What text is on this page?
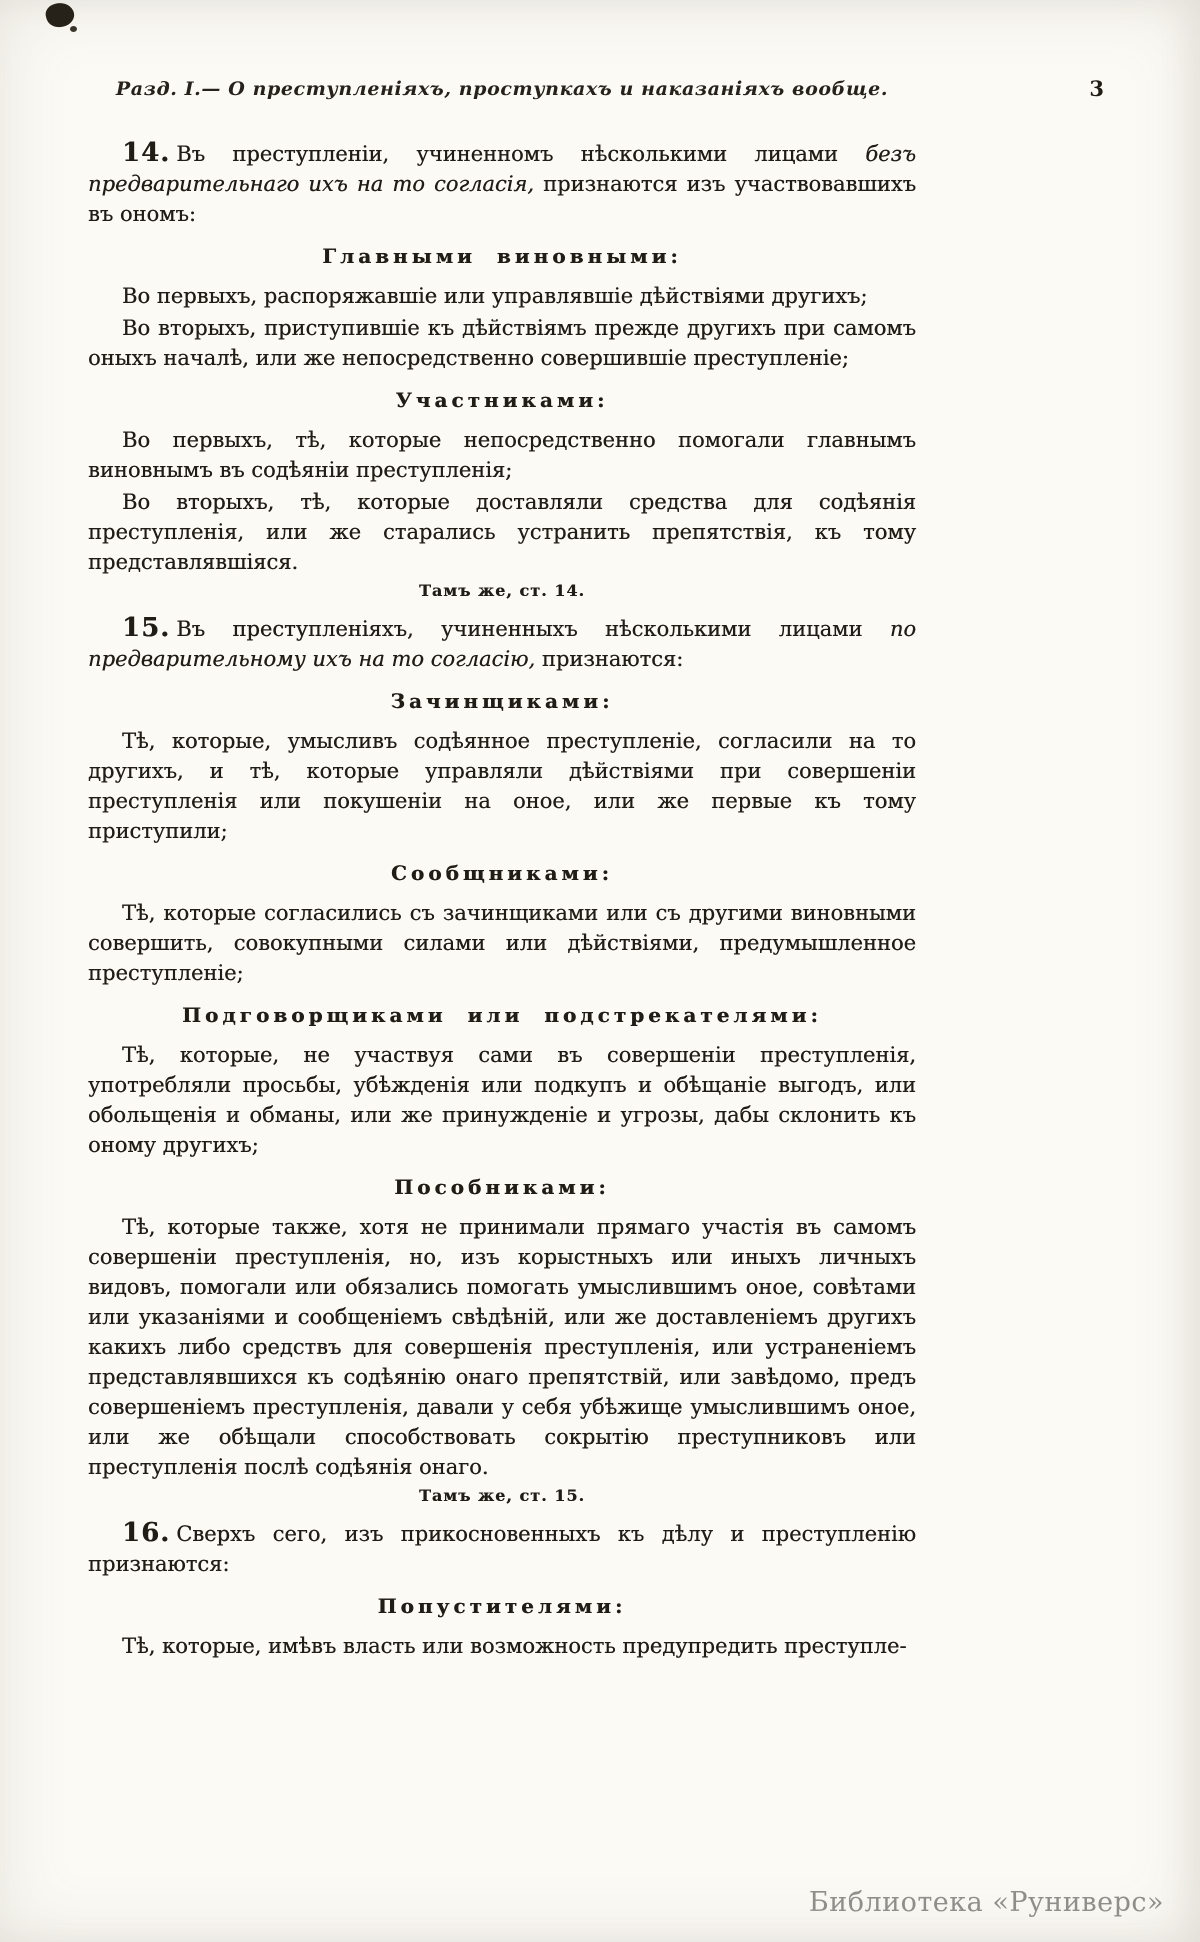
Разд. I.— О преступленіяхъ, проступкахъ и наказаніяхъ вообще.	3

14. Въ преступленіи, учиненномъ нѣсколькими лицами безъ предварительнаго ихъ на то согласія, признаются изъ участвовавшихъ въ ономъ:

Главными виновными:

Во первыхъ, распоряжавшіе или управлявшіе дѣйствіями другихъ;

Во вторыхъ, приступившіе къ дѣйствіямъ прежде другихъ при самомъ оныхъ началѣ, или же непосредственно совершившіе преступленіе;

Участниками:

Во первыхъ, тѣ, которые непосредственно помогали главнымъ виновнымъ въ содѣяніи преступленія;

Во вторыхъ, тѣ, которые доставляли средства для содѣянія преступленія, или же старались устранить препятствія, къ тому представлявшіяся.

Тамъ же, ст. 14.

15. Въ преступленіяхъ, учиненныхъ нѣсколькими лицами по предварительному ихъ на то согласію, признаются:

Зачинщиками:

Тѣ, которые, умысливъ содѣянное преступленіе, согласили на то другихъ, и тѣ, которые управляли дѣйствіями при совершеніи преступленія или покушеніи на оное, или же первые къ тому приступили;

Сообщниками:

Тѣ, которые согласились съ зачинщиками или съ другими виновными совершить, совокупными силами или дѣйствіями, предумышленное преступленіе;

Подговорщиками или подстрекателями:

Тѣ, которые, не участвуя сами въ совершеніи преступленія, употребляли просьбы, убѣжденія или подкупъ и обѣщаніе выгодъ, или обольщенія и обманы, или же принужденіе и угрозы, дабы склонить къ оному другихъ;

Пособниками:

Тѣ, которые также, хотя не принимали прямаго участія въ самомъ совершеніи преступленія, но, изъ корыстныхъ или иныхъ личныхъ видовъ, помогали или обязались помогать умыслившимъ оное, совѣтами или указаніями и сообщеніемъ свѣдѣній, или же доставленіемъ другихъ какихъ либо средствъ для совершенія преступленія, или устраненіемъ представлявшихся къ содѣянію онаго препятствій, или завѣдомо, предъ совершеніемъ преступленія, давали у себя убѣжище умыслившимъ оное, или же обѣщали способствовать сокрытію преступниковъ или преступленія послѣ содѣянія онаго.

Тамъ же, ст. 15.

16. Сверхъ сего, изъ прикосновенныхъ къ дѣлу и преступленію признаются:

Попустителями:

Тѣ, которые, имѣвъ власть или возможность предупредить преступле-

Библиотека «Руниверс»
